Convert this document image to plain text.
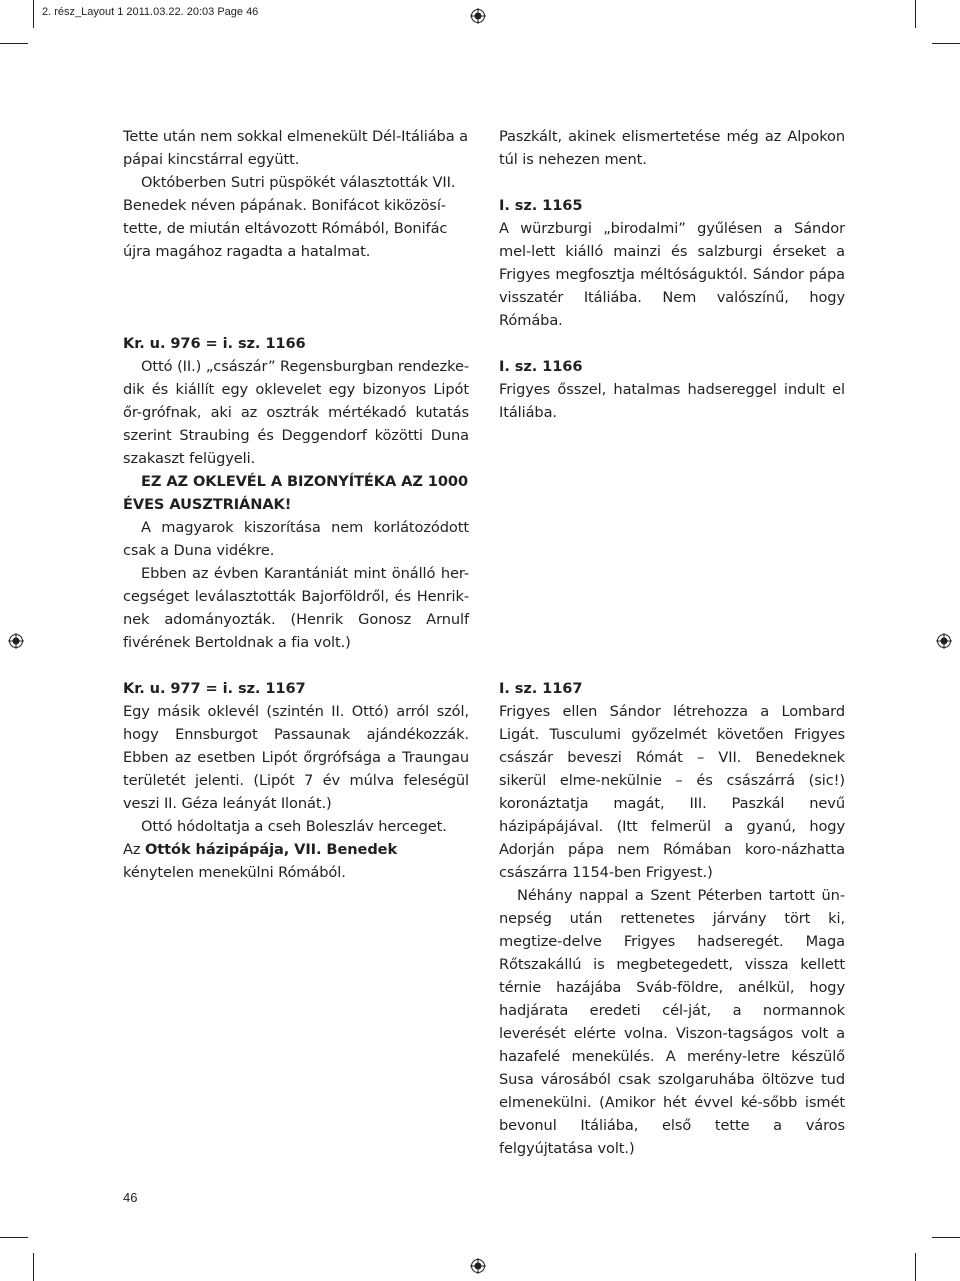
2. rész_Layout 1 2011.03.22. 20:03 Page 46

Tette után nem sokkal elmenekült Dél-Itáliába a

pápai kincstárral együtt.

Októberben Sutri püspökét választották VII.

Benedek néven pápának. Bonifácot kiközösí-

tette, de miután eltávozott Rómából, Bonifác

újra magához ragadta a hatalmat.

Kr. u. 976 = i. sz. 1166

Ottó (II.) „császár” Regensburgban rendezke-dik és kiállít egy oklevelet egy bizonyos Lipót őr-grófnak, aki az osztrák mértékadó kutatás szerint Straubing és Deggendorf közötti Duna szakaszt felügyeli.

EZ AZ OKLEVÉL A BIZONYÍTÉKA AZ 1000 ÉVES AUSZTRIÁNAK!

A magyarok kiszorítása nem korlátozódott csak a Duna vidékre.

Ebben az évben Karantániát mint önálló her-cegséget leválasztották Bajorföldről, és Henrik-nek adományozták. (Henrik Gonosz Arnulf fivérének Bertoldnak a fia volt.)

Kr. u. 977 = i. sz. 1167

Egy másik oklevél (szintén II. Ottó) arról szól, hogy Ennsburgot Passaunak ajándékozzák. Ebben az esetben Lipót őrgrófsága a Traungau területét jelenti. (Lipót 7 év múlva feleségül veszi II. Géza leányát Ilonát.)

Ottó hódoltatja a cseh Boleszláv herceget.

Az Ottók házipápája, VII. Benedek kénytelen menekülni Rómából.

Paszkált, akinek elismertetése még az Alpokon túl is nehezen ment.

I. sz. 1165

A würzburgi „birodalmi” gyűlésen a Sándor mel-lett kiálló mainzi és salzburgi érseket a Frigyes megfosztja méltóságuktól. Sándor pápa visszatér Itáliába. Nem valószínű, hogy Rómába.

I. sz. 1166

Frigyes ősszel, hatalmas hadsereggel indult el Itáliába.

I. sz. 1167

Frigyes ellen Sándor létrehozza a Lombard Ligát. Tusculumi győzelmét követően Frigyes császár beveszi Rómát – VII. Benedeknek sikerül elme-nekülnie – és császárrá (sic!) koronáztatja magát, III. Paszkál nevű házipápájával. (Itt felmerül a gyanú, hogy Adorján pápa nem Rómában koro-názhatta császárra 1154-ben Frigyest.)

Néhány nappal a Szent Péterben tartott ün-nepség után rettenetes járvány tört ki, megtize-delve Frigyes hadseregét. Maga Rőtszakállú is megbetegedett, vissza kellett térnie hazájába Sváb-földre, anélkül, hogy hadjárata eredeti cél-ját, a normannok leverését elérte volna. Viszon-tagságos volt a hazafelé menekülés. A merény-letre készülő Susa városából csak szolgaruhába öltözve tud elmenekülni. (Amikor hét évvel ké-sőbb ismét bevonul Itáliába, első tette a város felgyújtatása volt.)

46
